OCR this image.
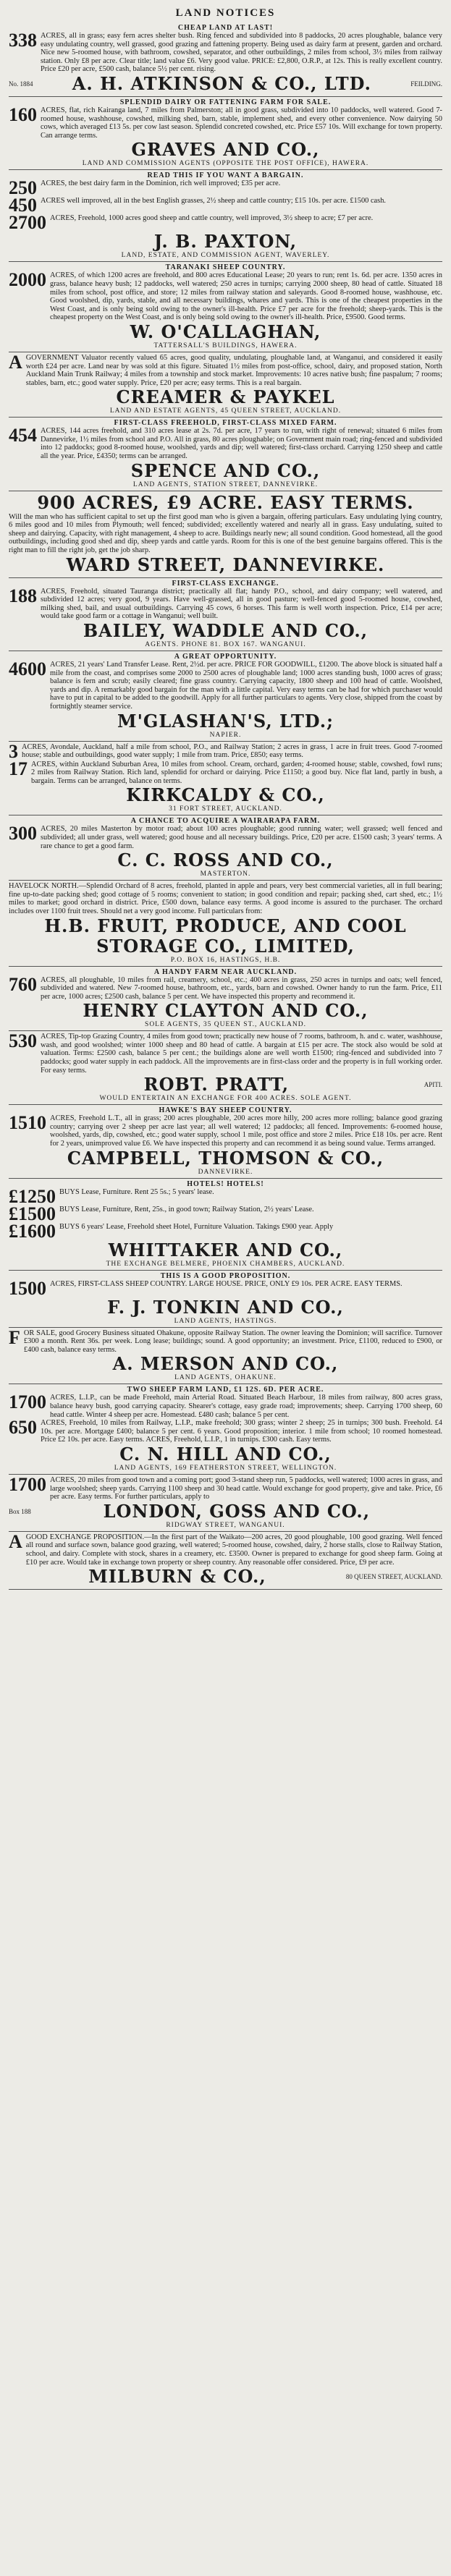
LAND NOTICES
CHEAP LAND AT LAST!
338 ACRES, all in grass; easy fern acres shelter bush. Ring fenced and subdivided into 8 paddocks, 20 acres ploughable, balance very easy undulating country, well grassed, good grazing and fattening property. Being used as dairy farm at present, garden and orchard. Nice new 5-roomed house, with bathroom, cowshed, separator, and other outbuildings, 2 miles from school, 3½ miles from railway station. Only £8 per acre. Clear title; land value £6. Very good value. PRICE: £2,800, O.R.P., at 12s. This is really excellent country. Price £20 per acre, £500 cash, balance 5½ per cent. rising.

No. 1884	A. H. ATKINSON & CO., LTD.	FEILDING.
SPLENDID DAIRY OR FATTENING FARM FOR SALE.
160 ACRES, flat, rich Kairanga land, 7 miles from Palmerston; all in good grass, subdivided into 10 paddocks, well watered. Good 7-roomed house, washhouse, cowshed, milking shed, barn, stable, implement shed, and every other convenience. Now dairying 50 cows, which averaged £13 5s. per cow last season. Splendid concreted cowshed, etc. Price £57 10s. Will exchange for town property. Can arrange terms.

GRAVES AND CO.,
LAND AND COMMISSION AGENTS (OPPOSITE THE POST OFFICE), HAWERA.
READ THIS IF YOU WANT A BARGAIN.
250 ACRES, the best dairy farm in the Dominion, rich well improved; £35 per acre.

450 ACRES well improved, all in the best English grasses, 2½ sheep and cattle country; £15 10s. per acre. £1500 cash.

2700 ACRES, Freehold, 1000 acres good sheep and cattle country, well improved, 3½ sheep to acre; £7 per acre.

J. B. PAXTON,
LAND, ESTATE, AND COMMISSION AGENT, WAVERLEY.
TARANAKI SHEEP COUNTRY.
2000 ACRES, of which 1200 acres are freehold, and 800 acres Educational Lease; 20 years to run; rent 1s. 6d. per acre. 1350 acres in grass, balance heavy bush; 12 paddocks, well watered; 250 acres in turnips; carrying 2000 sheep, 80 head of cattle. Situated 18 miles from school, post office, and store; 12 miles from railway station and saleyards. Good 8-roomed house, washhouse, etc. Good woolshed, dip, yards, stable, and all necessary buildings, whares and yards. This is one of the cheapest properties in the West Coast, and is only being sold owing to the owner's ill-health. Price £7 per acre for the freehold; sheep-yards. This is the cheapest property on the West Coast, and is only being sold owing to the owner's ill-health. Price, £9500. Good terms.

W. O'CALLAGHAN,
TATTERSALL'S BUILDINGS, HAWERA.
A GOVERNMENT Valuator recently valued 65 acres, good quality, undulating, ploughable land, at Wanganui, and considered it easily worth £24 per acre. Land near by was sold at this figure. Situated 1½ miles from post-office, school, dairy, and proposed station, North Auckland Main Trunk Railway; 4 miles from a township and stock market. Improvements: 10 acres native bush; fine paspalum; 7 rooms; stables, barn, etc.; good water supply. Price, £20 per acre; easy terms. This is a real bargain.

CREAMER & PAYKEL
LAND AND ESTATE AGENTS, 45 QUEEN STREET, AUCKLAND.
FIRST-CLASS FREEHOLD, FIRST-CLASS MIXED FARM.
454 ACRES, 144 acres freehold, and 310 acres lease at 2s. 7d. per acre, 17 years to run, with right of renewal; situated 6 miles from Dannevirke, 1½ miles from school and P.O. All in grass, 80 acres ploughable; on Government main road; ring-fenced and subdivided into 12 paddocks; good 8-roomed house, woolshed, yards and dip; well watered; first-class orchard. Carrying 1250 sheep and cattle all the year. Price, £4350; terms can be arranged.

SPENCE AND CO.,
LAND AGENTS, STATION STREET, DANNEVIRKE.
900 ACRES, £9 ACRE. EASY TERMS.

Will the man who has sufficient capital to set up the first good man who is given a bargain, offering particulars. Easy undulating lying country, 6 miles good and 10 miles from Plymouth; well fenced; subdivided; excellently watered and nearly all in grass. Easy undulating, suited to sheep and dairying. Capacity, with right management, 4 sheep to acre. Buildings nearly new; all sound condition. Good homestead, all the good outbuildings, including good shed and dip, sheep yards and cattle yards. Room for this is one of the best genuine bargains offered. This is the right man to fill the right job, get the job sharp.

WARD STREET, DANNEVIRKE.
FIRST-CLASS EXCHANGE.
188 ACRES, Freehold, situated Tauranga district; practically all flat; handy P.O., school, and dairy company; well watered, and subdivided 12 acres; very good, 9 years. Have well-grassed, all in good pasture; well-fenced good 5-roomed house, cowshed, milking shed, bail, and usual outbuildings. Carrying 45 cows, 6 horses. This farm is well worth inspection. Price, £14 per acre; would take good farm or a cottage in Wanganui; well built.

BAILEY, WADDLE AND CO.,
AGENTS. PHONE 81. BOX 167. WANGANUI.
A GREAT OPPORTUNITY.
4600 ACRES, 21 years' Land Transfer Lease. Rent, 2½d. per acre. PRICE FOR GOODWILL, £1200. The above block is situated half a mile from the coast, and comprises some 2000 to 2500 acres of ploughable land; 1000 acres standing bush, 1000 acres of grass; balance is fern and scrub; easily cleared; fine grass country. Carrying capacity, 1800 sheep and 100 head of cattle. Woolshed, yards and dip. A remarkably good bargain for the man with a little capital. Very easy terms can be had for which purchaser would have to put in capital to be added to the goodwill. Apply for all further particulars to agents. Very close, shipped from the coast by fortnightly steamer service.

M'GLASHAN'S, LTD.;
NAPIER.
3 ACRES, Avondale, Auckland, half a mile from school, P.O., and Railway Station; 2 acres in grass, 1 acre in fruit trees. Good 7-roomed house; stable and outbuildings, good water supply; 1 mile from tram. Price, £850; easy terms.

17 ACRES, within Auckland Suburban Area, 10 miles from school. Cream, orchard, garden; 4-roomed house; stable, cowshed, fowl runs; 2 miles from Railway Station. Rich land, splendid for orchard or dairying. Price £1150; a good buy. Nice flat land, partly in bush, a bargain. Terms can be arranged, balance on terms.

KIRKCALDY & CO.,
31 FORT STREET, AUCKLAND.
A CHANCE TO ACQUIRE A WAIRARAPA FARM.
300 ACRES, 20 miles Masterton by motor road; about 100 acres ploughable; good running water; well grassed; well fenced and subdivided; all under grass, well watered; good house and all necessary buildings. Price, £20 per acre. £1500 cash; 3 years' terms. A rare chance to get a good farm.

C. C. ROSS AND CO.,
MASTERTON.

HAVELOCK NORTH.—Splendid Orchard of 8 acres, freehold, planted in apple and pears, very best commercial varieties, all in full bearing; fine up-to-date packing shed; good cottage of 5 rooms; convenient to station; in good condition and repair; packing shed, cart shed, etc.; 1½ miles to market; good orchard in district. Price, £500 down, balance easy terms. A good income is assured to the purchaser. The orchard includes over 1100 fruit trees. Should net a very good income. Full particulars from:

H.B. FRUIT, PRODUCE, AND COOL STORAGE CO., LIMITED,
P.O. BOX 16, HASTINGS, H.B.
A HANDY FARM NEAR AUCKLAND.
760 ACRES, all ploughable, 10 miles from rail, creamery, school, etc.; 400 acres in grass, 250 acres in turnips and oats; well fenced, subdivided and watered. New 7-roomed house, bathroom, etc., yards, barn and cowshed. Owner handy to run the farm. Price, £11 per acre, 1000 acres; £2500 cash, balance 5 per cent. We have inspected this property and recommend it.

HENRY CLAYTON AND CO.,
SOLE AGENTS, 35 QUEEN ST., AUCKLAND.
530 ACRES, Tip-top Grazing Country, 4 miles from good town; practically new house of 7 rooms, bathroom, h. and c. water, washhouse, wash, and good woolshed; winter 1000 sheep and 80 head of cattle. A bargain at £15 per acre. The stock also would be sold at valuation. Terms: £2500 cash, balance 5 per cent.; the buildings alone are well worth £1500; ring-fenced and subdivided into 7 paddocks; good water supply in each paddock. All the improvements are in first-class order and the property is in full working order. For easy terms.

ROBT. PRATT,	APITI.
WOULD ENTERTAIN AN EXCHANGE FOR 400 ACRES. SOLE AGENT.
HAWKE'S BAY SHEEP COUNTRY.
1510 ACRES, Freehold L.T., all in grass; 200 acres ploughable, 200 acres more hilly, 200 acres more rolling; balance good grazing country; carrying over 2 sheep per acre last year; all well watered; 12 paddocks; all fenced. Improvements: 6-roomed house, woolshed, yards, dip, cowshed, etc.; good water supply, school 1 mile, post office and store 2 miles. Price £18 10s. per acre. Rent for 2 years, unimproved value £6. We have inspected this property and can recommend it as being sound value. Terms arranged.

CAMPBELL, THOMSON & CO.,
DANNEVIRKE.
HOTELS! HOTELS!
£1250 BUYS Lease, Furniture. Rent 25 5s.; 5 years' lease.

£1500 BUYS Lease, Furniture, Rent, 25s., in good town; Railway Station, 2½ years' Lease.

£1600 BUYS 6 years' Lease, Freehold sheet Hotel, Furniture Valuation. Takings £900 year. Apply

WHITTAKER AND CO.,
THE EXCHANGE BELMERE, PHOENIX CHAMBERS, AUCKLAND.
THIS IS A GOOD PROPOSITION.
1500 ACRES, FIRST-CLASS SHEEP COUNTRY. LARGE HOUSE. PRICE, ONLY £9 10s. PER ACRE. EASY TERMS.

F. J. TONKIN AND CO.,
LAND AGENTS, HASTINGS.
F OR SALE, good Grocery Business situated Ohakune, opposite Railway Station. The owner leaving the Dominion; will sacrifice. Turnover £300 a month. Rent 36s. per week. Long lease; buildings; sound. A good opportunity; an investment. Price, £1100, reduced to £900, or £400 cash, balance easy terms.

A. MERSON AND CO.,
LAND AGENTS, OHAKUNE.
TWO SHEEP FARM LAND, £1 12S. 6D. PER ACRE.
1700 ACRES, L.I.P., can be made Freehold, main Arterial Road. Situated Beach Harbour, 18 miles from railway, 800 acres grass, balance heavy bush, good carrying capacity. Shearer's cottage, easy grade road; improvements; sheep. Carrying 1700 sheep, 60 head cattle. Winter 4 sheep per acre. Homestead. £480 cash; balance 5 per cent.

650 ACRES, Freehold, 10 miles from Railway, L.I.P., make freehold; 300 grass; winter 2 sheep; 25 in turnips; 300 bush. Freehold. £4 10s. per acre. Mortgage £400; balance 5 per cent. 6 years. Good proposition; interior. 1 mile from school; 10 roomed homestead. Price £2 10s. per acre. Easy terms. ACRES, Freehold, L.I.P., 1 in turnips. £300 cash. Easy terms.

C. N. HILL AND CO.,
LAND AGENTS, 169 FEATHERSTON STREET, WELLINGTON.
1700 ACRES, 20 miles from good town and a coming port; good 3-stand sheep run, 5 paddocks, well watered; 1000 acres in grass, and large woolshed; sheep yards. Carrying 1100 sheep and 30 head cattle. Would exchange for good property, give and take. Price, £6 per acre. Easy terms. For further particulars, apply to

Box 188	LONDON, GOSS AND CO.,
RIDGWAY STREET, WANGANUI.
A GOOD EXCHANGE PROPOSITION.—In the first part of the Waikato—200 acres, 20 good ploughable, 100 good grazing. Well fenced all round and surface sown, balance good grazing, well watered; 5-roomed house, cowshed, dairy, 2 horse stalls, close to Railway Station, school, and dairy. Complete with stock, shares in a creamery, etc. £3500. Owner is prepared to exchange for good sheep farm. Going at £10 per acre. Would take in exchange town property or sheep country. Any reasonable offer considered. Price, £9 per acre.

MILBURN & CO.,	80 QUEEN STREET, AUCKLAND.
